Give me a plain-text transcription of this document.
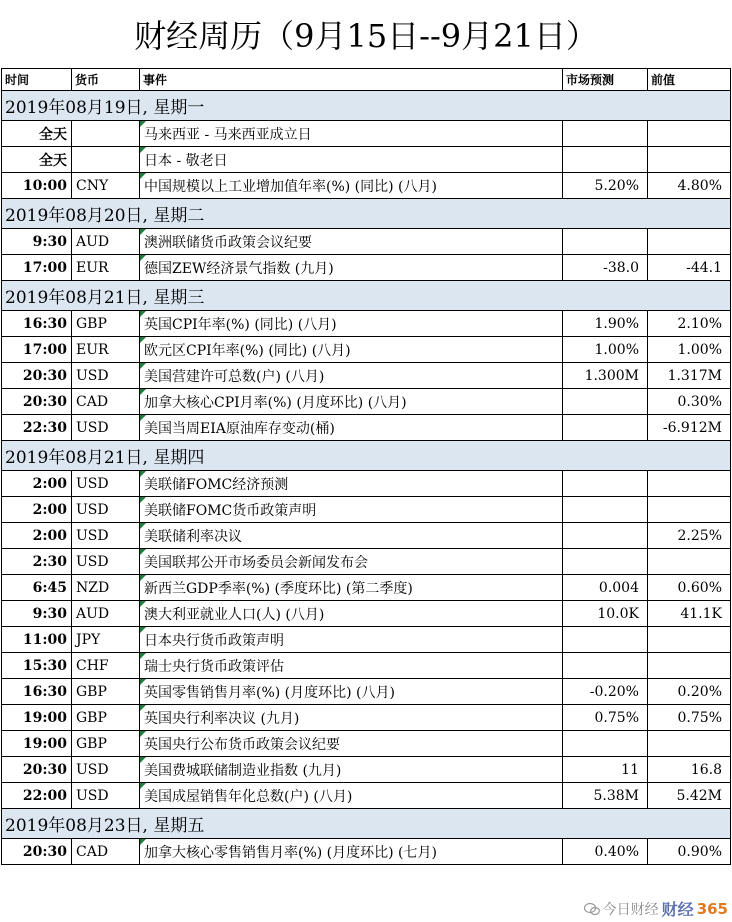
财经周历（9月15日--9月21日）
时间	货币	事件	市场预测	前值
2019年08月19日, 星期一				
全天		马来西亚 - 马来西亚成立日		
全天		日本 - 敬老日		
10:00	CNY	中国规模以上工业增加值年率(%) (同比) (八月)	5.20%	4.80%
2019年08月20日, 星期二				
9:30	AUD	澳洲联储货币政策会议纪要		
17:00	EUR	德国ZEW经济景气指数 (九月)	-38.0	-44.1
2019年08月21日, 星期三				
16:30	GBP	英国CPI年率(%) (同比) (八月)	1.90%	2.10%
17:00	EUR	欧元区CPI年率(%) (同比) (八月)	1.00%	1.00%
20:30	USD	美国营建许可总数(户) (八月)	1.300M	1.317M
20:30	CAD	加拿大核心CPI月率(%) (月度环比) (八月)		0.30%
22:30	USD	美国当周EIA原油库存变动(桶)		-6.912M
2019年08月21日, 星期四				
2:00	USD	美联储FOMC经济预测		
2:00	USD	美联储FOMC货币政策声明		
2:00	USD	美联储利率决议		2.25%
2:30	USD	美国联邦公开市场委员会新闻发布会		
6:45	NZD	新西兰GDP季率(%) (季度环比) (第二季度)	0.004	0.60%
9:30	AUD	澳大利亚就业人口(人) (八月)	10.0K	41.1K
11:00	JPY	日本央行货币政策声明		
15:30	CHF	瑞士央行货币政策评估		
16:30	GBP	英国零售销售月率(%) (月度环比) (八月)	-0.20%	0.20%
19:00	GBP	英国央行利率决议 (九月)	0.75%	0.75%
19:00	GBP	英国央行公布货币政策会议纪要		
20:30	USD	美国费城联储制造业指数 (九月)	11	16.8
22:00	USD	美国成屋销售年化总数(户) (八月)	5.38M	5.42M
2019年08月23日, 星期五				
20:30	CAD	加拿大核心零售销售月率(%) (月度环比) (七月)	0.40%	0.90%
今日财经 财经 365
